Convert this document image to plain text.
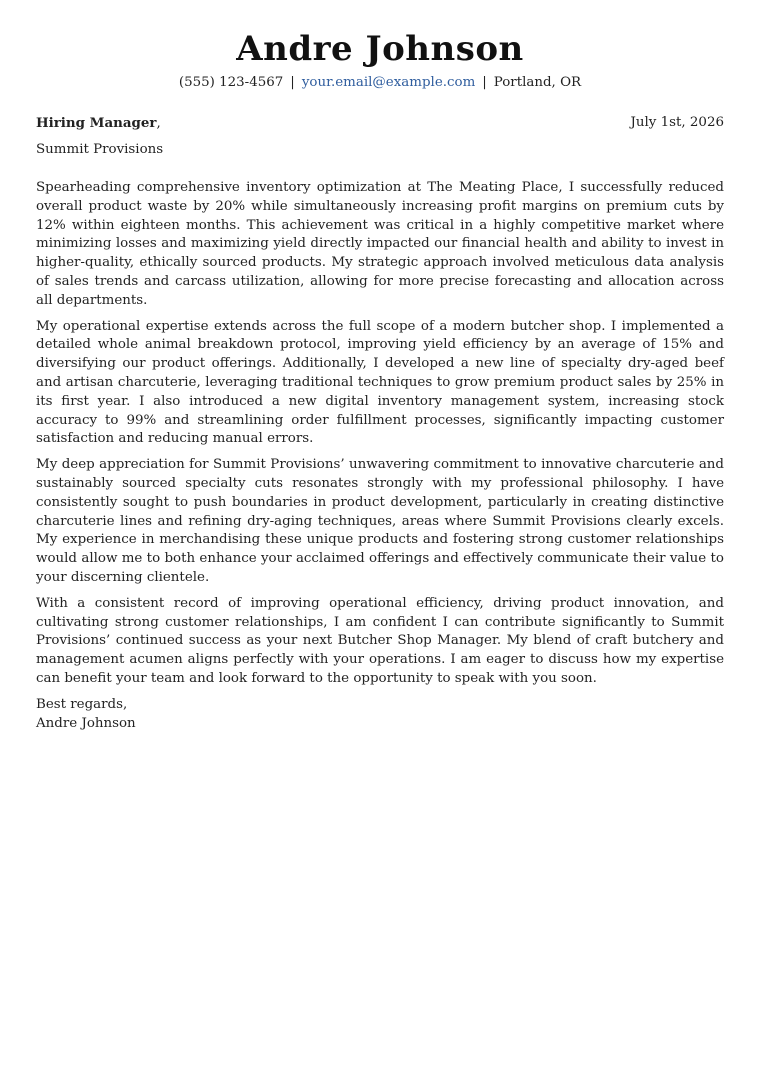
Andre Johnson
(555) 123-4567 | your.email@example.com | Portland, OR
Hiring Manager,	July 1st, 2026
Summit Provisions

Spearheading comprehensive inventory optimization at The Meating Place, I successfully reduced overall product waste by 20% while simultaneously increasing profit margins on premium cuts by 12% within eighteen months. This achievement was critical in a highly competitive market where minimizing losses and maximizing yield directly impacted our financial health and ability to invest in higher-quality, ethically sourced products. My strategic approach involved meticulous data analysis of sales trends and carcass utilization, allowing for more precise forecasting and allocation across all departments.

My operational expertise extends across the full scope of a modern butcher shop. I implemented a detailed whole animal breakdown protocol, improving yield efficiency by an average of 15% and diversifying our product offerings. Additionally, I developed a new line of specialty dry-aged beef and artisan charcuterie, leveraging traditional techniques to grow premium product sales by 25% in its first year. I also introduced a new digital inventory management system, increasing stock accuracy to 99% and streamlining order fulfillment processes, significantly impacting customer satisfaction and reducing manual errors.

My deep appreciation for Summit Provisions’ unwavering commitment to innovative charcuterie and sustainably sourced specialty cuts resonates strongly with my professional philosophy. I have consistently sought to push boundaries in product development, particularly in creating distinctive charcuterie lines and refining dry-aging techniques, areas where Summit Provisions clearly excels. My experience in merchandising these unique products and fostering strong customer relationships would allow me to both enhance your acclaimed offerings and effectively communicate their value to your discerning clientele.

With a consistent record of improving operational efficiency, driving product innovation, and cultivating strong customer relationships, I am confident I can contribute significantly to Summit Provisions’ continued success as your next Butcher Shop Manager. My blend of craft butchery and management acumen aligns perfectly with your operations. I am eager to discuss how my expertise can benefit your team and look forward to the opportunity to speak with you soon.

Best regards,
Andre Johnson
